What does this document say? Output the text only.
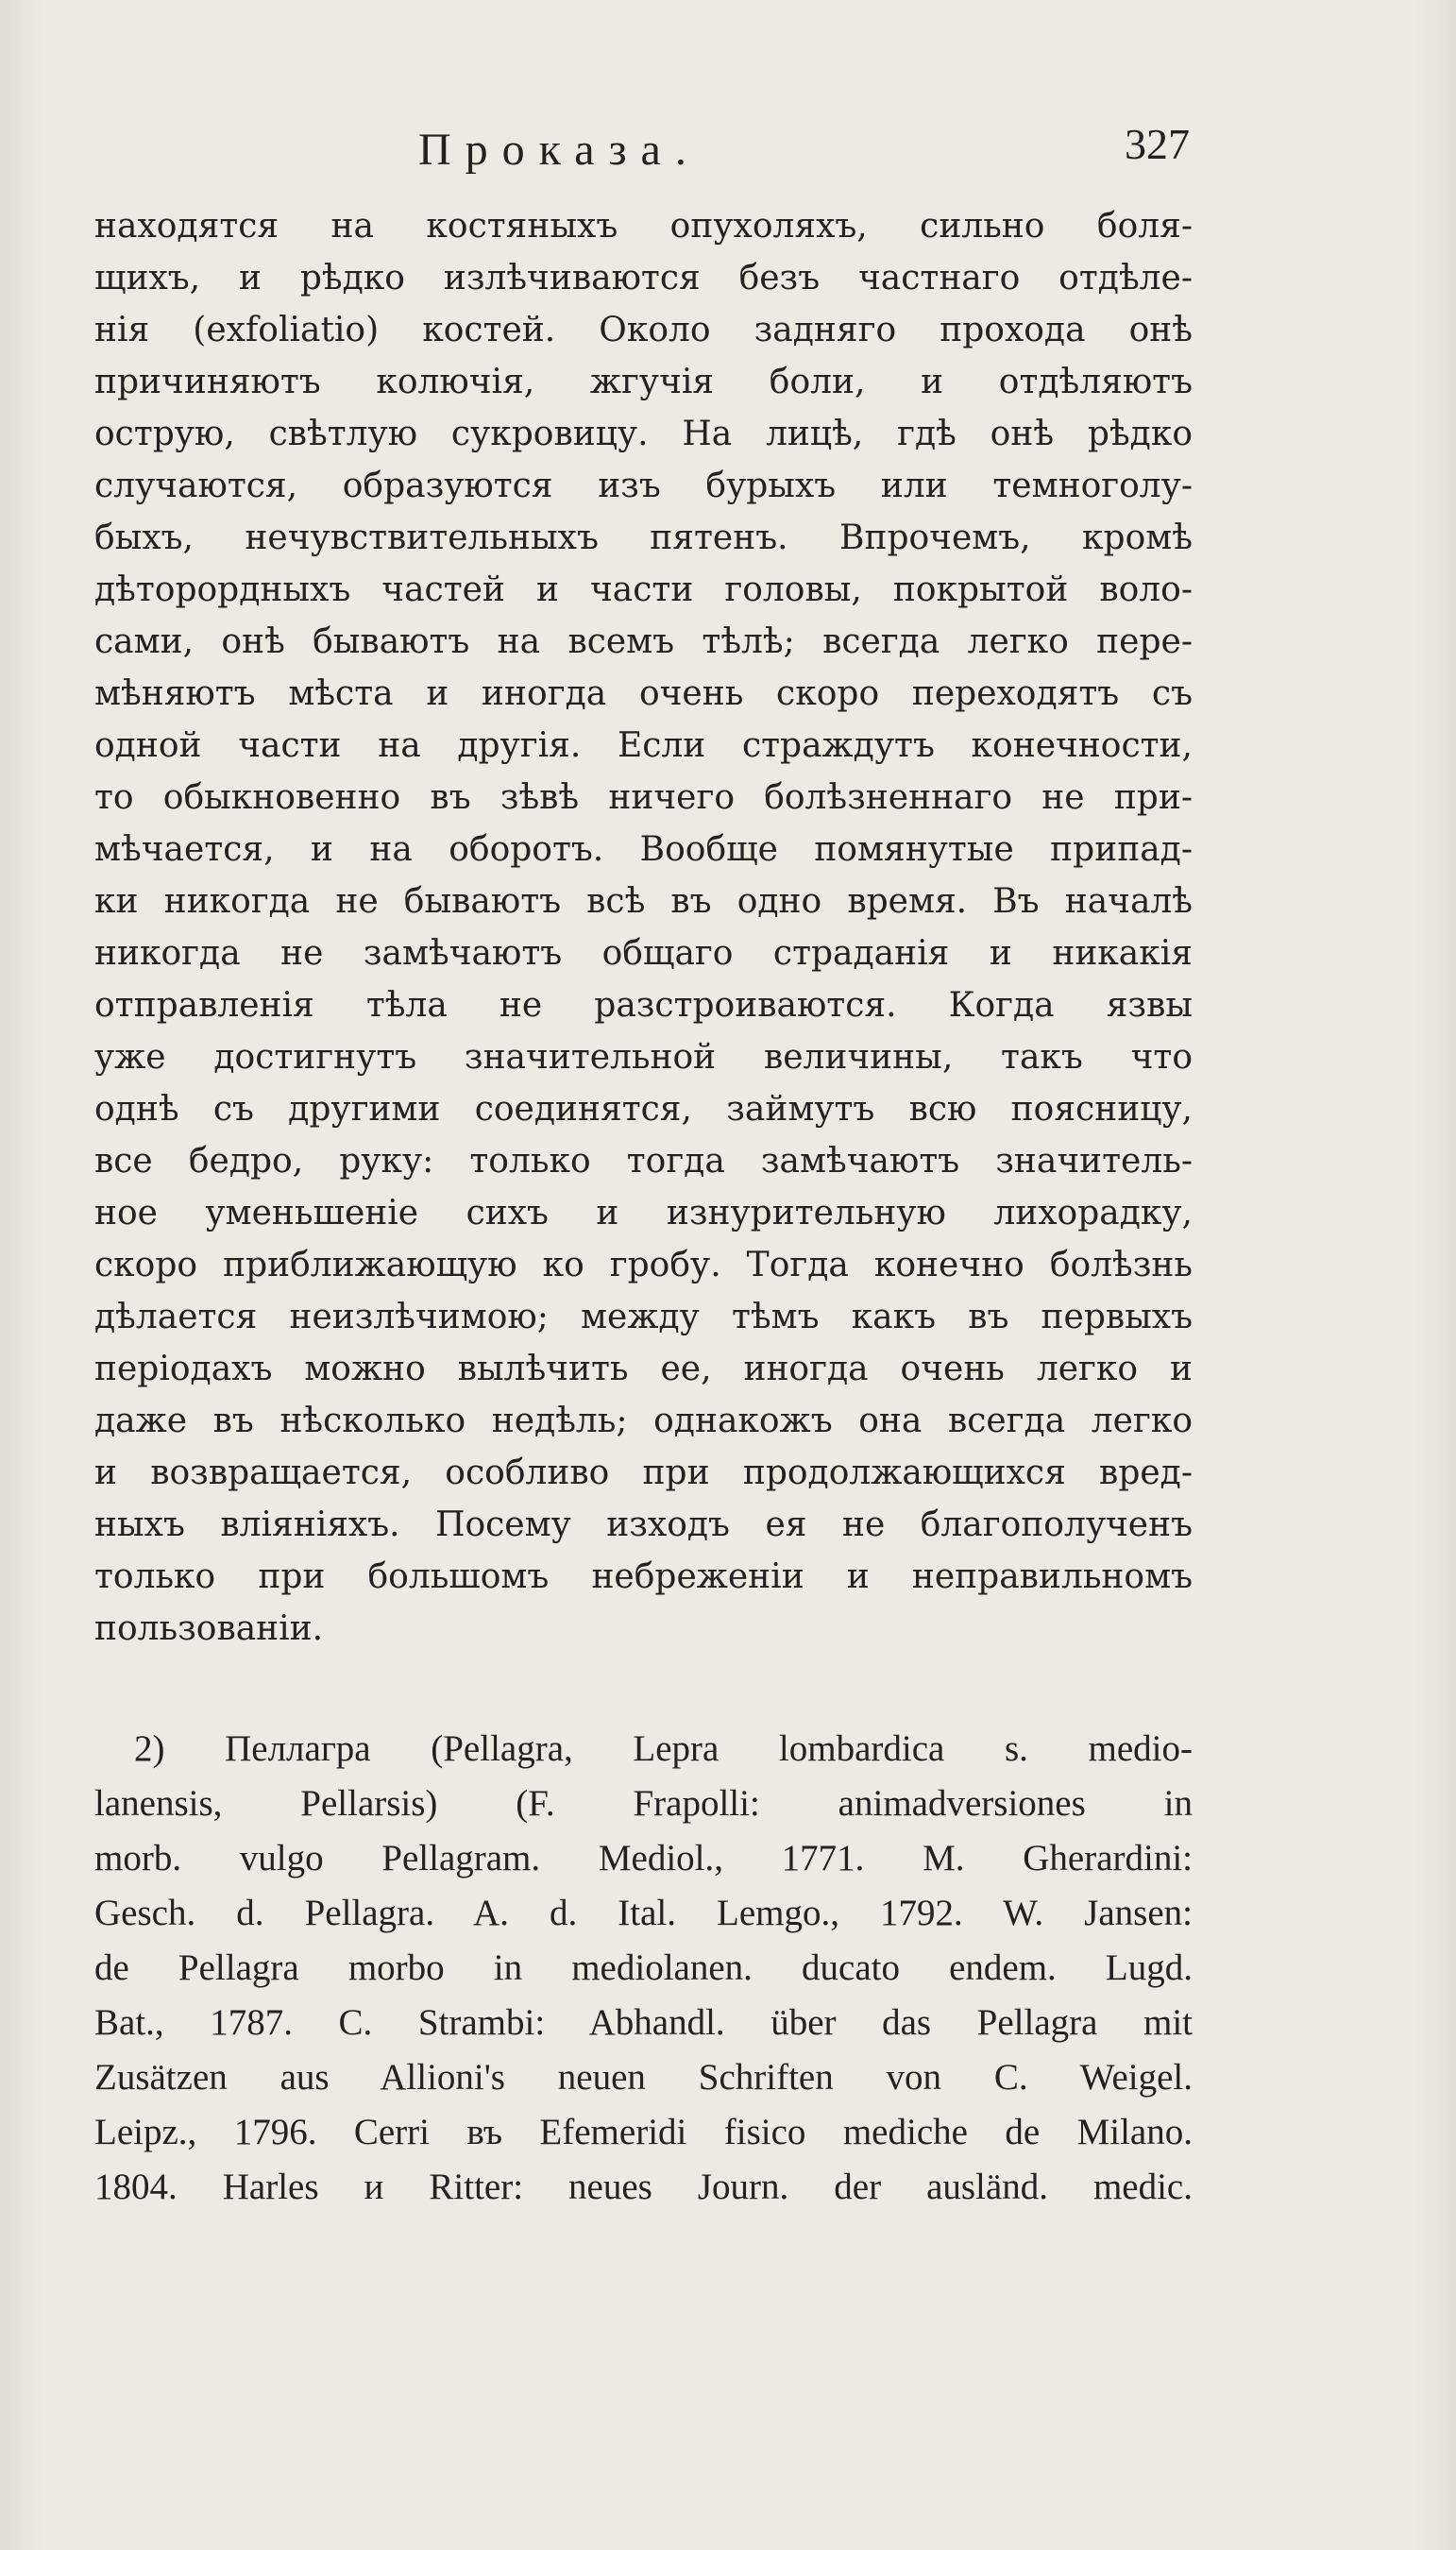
Проказа.	327
находятся на костяныхъ опухоляхъ, сильно боля-
щихъ, и рѣдко излѣчиваются безъ частнаго отдѣле-
нія (exfoliatio) костей. Около задняго прохода онѣ
причиняютъ колючія, жгучія боли, и отдѣляютъ
острую, свѣтлую сукровицу. На лицѣ, гдѣ онѣ рѣдко
случаются, образуются изъ бурыхъ или темноголу-
быхъ, нечувствительныхъ пятенъ. Впрочемъ, кромѣ
дѣторордныхъ частей и части головы, покрытой воло-
сами, онѣ бываютъ на всемъ тѣлѣ; всегда легко пере-
мѣняютъ мѣста и иногда очень скоро переходятъ съ
одной части на другія. Если страждутъ конечности,
то обыкновенно въ зѣвѣ ничего болѣзненнаго не при-
мѣчается, и на оборотъ. Вообще помянутые припад-
ки никогда не бываютъ всѣ въ одно время. Въ началѣ
никогда не замѣчаютъ общаго страданія и никакія
отправленія тѣла не разстроиваются. Когда язвы
уже достигнутъ значительной величины, такъ что
однѣ съ другими соединятся, займутъ всю поясницу,
все бедро, руку: только тогда замѣчаютъ значитель-
ное уменьшеніе сихъ и изнурительную лихорадку,
скоро приближающую ко гробу. Тогда конечно болѣзнь
дѣлается неизлѣчимою; между тѣмъ какъ въ первыхъ
періодахъ можно вылѣчить ее, иногда очень легко и
даже въ нѣсколько недѣль; однакожъ она всегда легко
и возвращается, особливо при продолжающихся вред-
ныхъ вліяніяхъ. Посему изходъ ея не благополученъ
только при большомъ небреженіи и неправильномъ
пользованіи.
2) Пеллагра (Pellagra, Lepra lombardica s. medio-
lanensis, Pellarsis) (F. Frapolli: animadversiones in
morb. vulgo Pellagram. Mediol., 1771. M. Gherardini:
Gesch. d. Pellagra. A. d. Ital. Lemgo., 1792. W. Jansen:
de Pellagra morbo in mediolanen. ducato endem. Lugd.
Bat., 1787. C. Strambi: Abhandl. über das Pellagra mit
Zusätzen aus Allioni's neuen Schriften von C. Weigel.
Leipz., 1796. Cerri въ Efemeridi fisico mediche de Milano.
1804. Harles и Ritter: neues Journ. der ausländ. medic.
